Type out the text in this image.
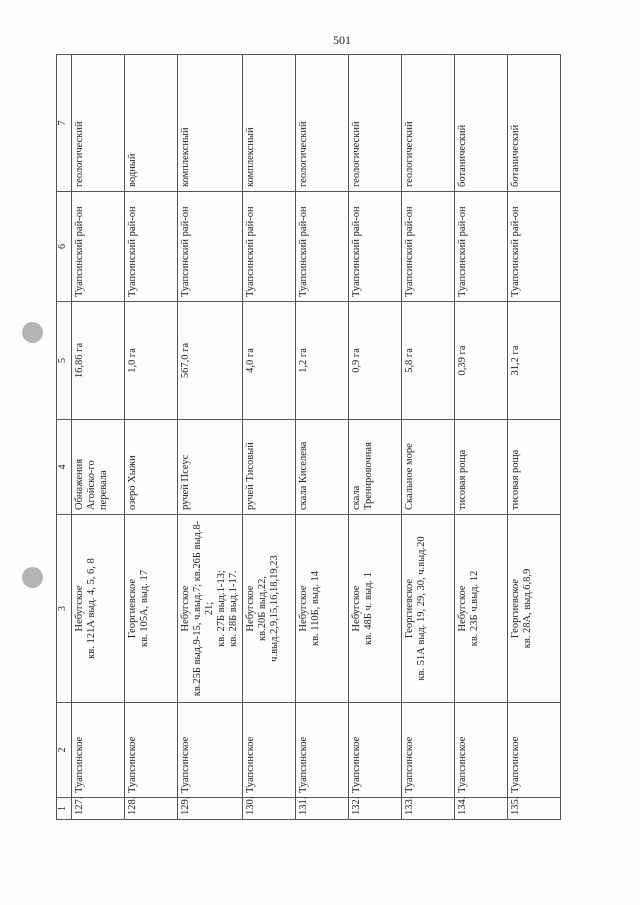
501
1	2	3	4	5	6	7
127.	Туапсинское	Небугское кв. 121А выд. 4, 5, 6, 8	Обнажения Агойско-го перевала	16,86 га	Туапсинский рай-он	геологический
128.	Туапсинское	Георгиевское кв. 105А, выд. 17	озеро Хыжи	1,0 га	Туапсинский рай-он	водный
129.	Туапсинское	Небугское кв.25Б выд.9-15, ч.выд.7; кв.26Б выд.8-21; кв. 27Б выд.1-13; кв. 28Б выд.1-17.	ручей Псеус	567,0 га	Туапсинский рай-он	комплексный
130.	Туапсинское	Небугское кв.20Б выд.22, ч.выд.2,9,15,16,18,19,23	ручей Тисовый	4,0 га	Туапсинский рай-он	комплексный
131.	Туапсинское	Небугское кв. 110Б, выд. 14	скала Киселева	1,2 га	Туапсинский рай-он	геологический
132.	Туапсинское	Небугское кв. 48Б ч. выд. 1	скала Тренировочная	0,9 га	Туапсинский рай-он	геологический
133.	Туапсинское	Георгиевское кв. 51А выд. 19, 29, 30, ч.выд.20	Скальное море	5,8 га	Туапсинский рай-он	геологический
134.	Туапсинское	Небугское кв. 23Б ч.выд. 12	тисовая роща	0,39 га	Туапсинский рай-он	ботанический
135.	Туапсинское	Георгиевское кв. 28А, выд.6,8,9	тисовая роща	31,2 га	Туапсинский рай-он	ботанический
